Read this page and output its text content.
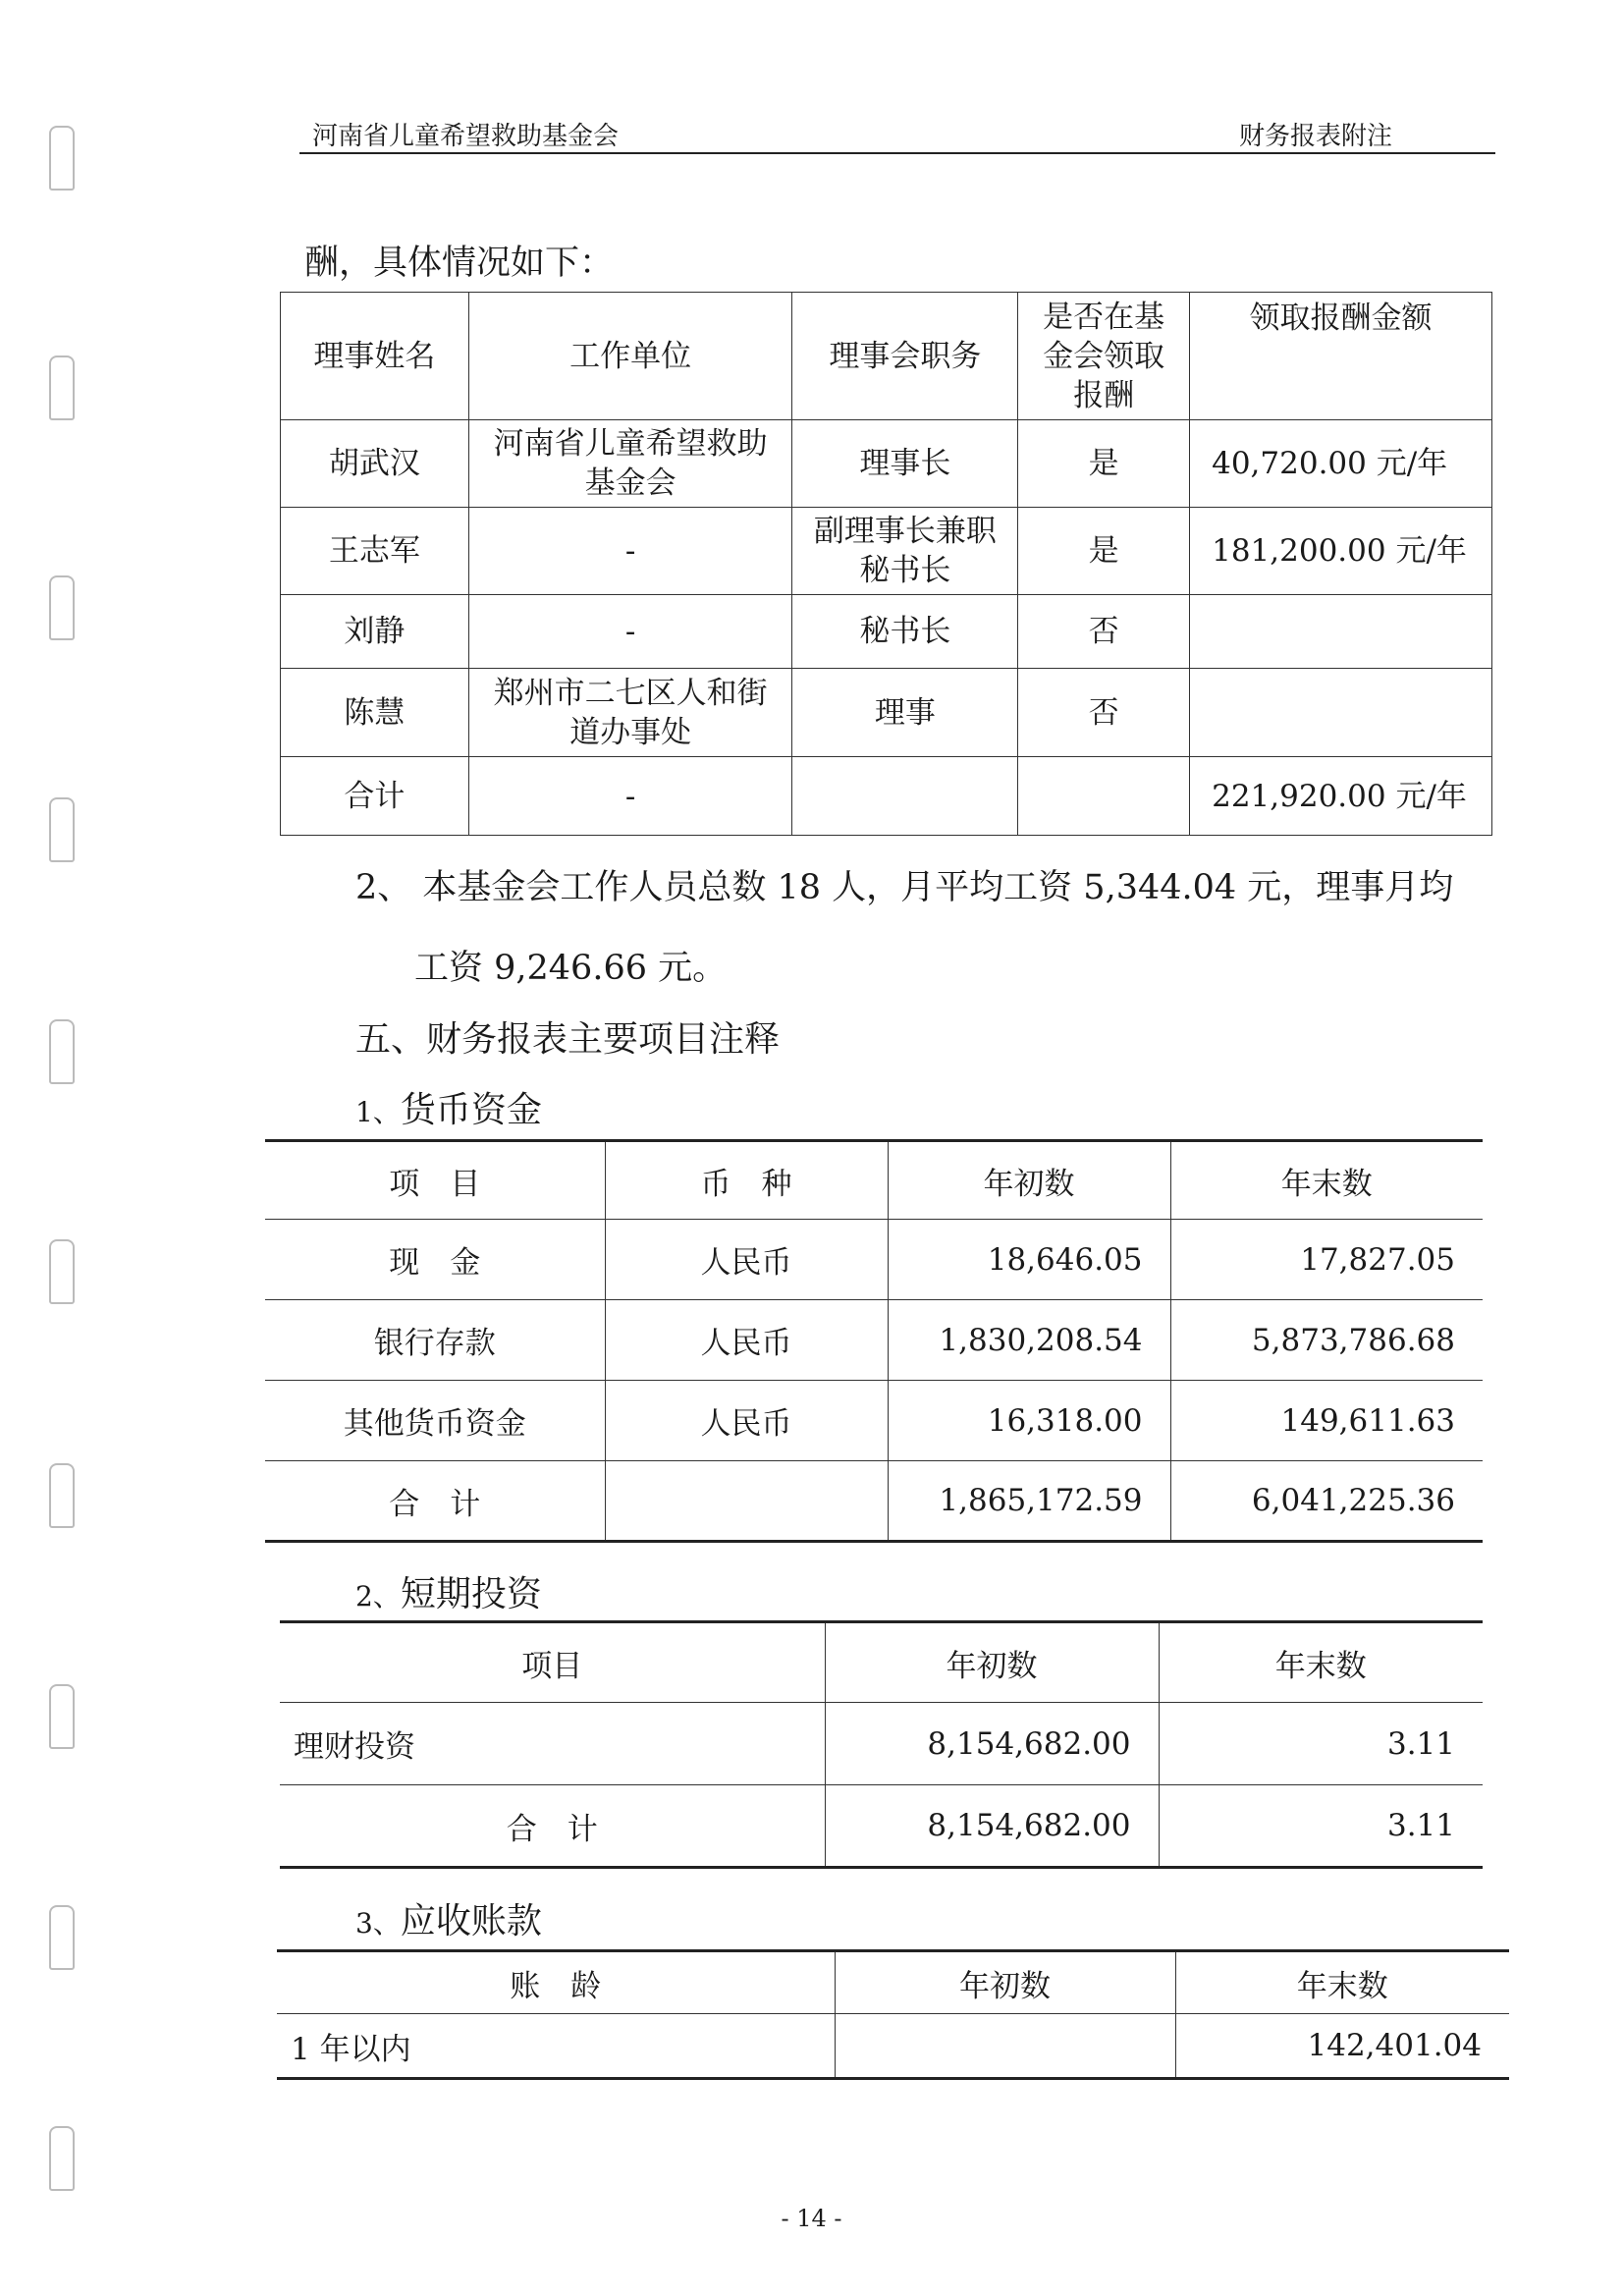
河南省儿童希望救助基金会	财务报表附注
酬，具体情况如下：
理事姓名	工作单位	理事会职务	是否在基金会领取报酬	领取报酬金额
胡武汉	河南省儿童希望救助基金会	理事长	是	40,720.00 元/年
王志军	-	副理事长兼职秘书长	是	181,200.00 元/年
刘静	-	秘书长	否	
陈慧	郑州市二七区人和街道办事处	理事	否	
合计	-			221,920.00 元/年
2、 本基金会工作人员总数 18 人，月平均工资 5,344.04 元，理事月均
工资 9,246.66 元。
五、财务报表主要项目注释
1、货币资金
项　目	币　种	年初数	年末数
现　金	人民币	18,646.05	17,827.05
银行存款	人民币	1,830,208.54	5,873,786.68
其他货币资金	人民币	16,318.00	149,611.63
合　计		1,865,172.59	6,041,225.36
2、短期投资
项目	年初数	年末数
理财投资	8,154,682.00	3.11
合　计	8,154,682.00	3.11
3、应收账款
账　龄	年初数	年末数
1 年以内		142,401.04
- 14 -
